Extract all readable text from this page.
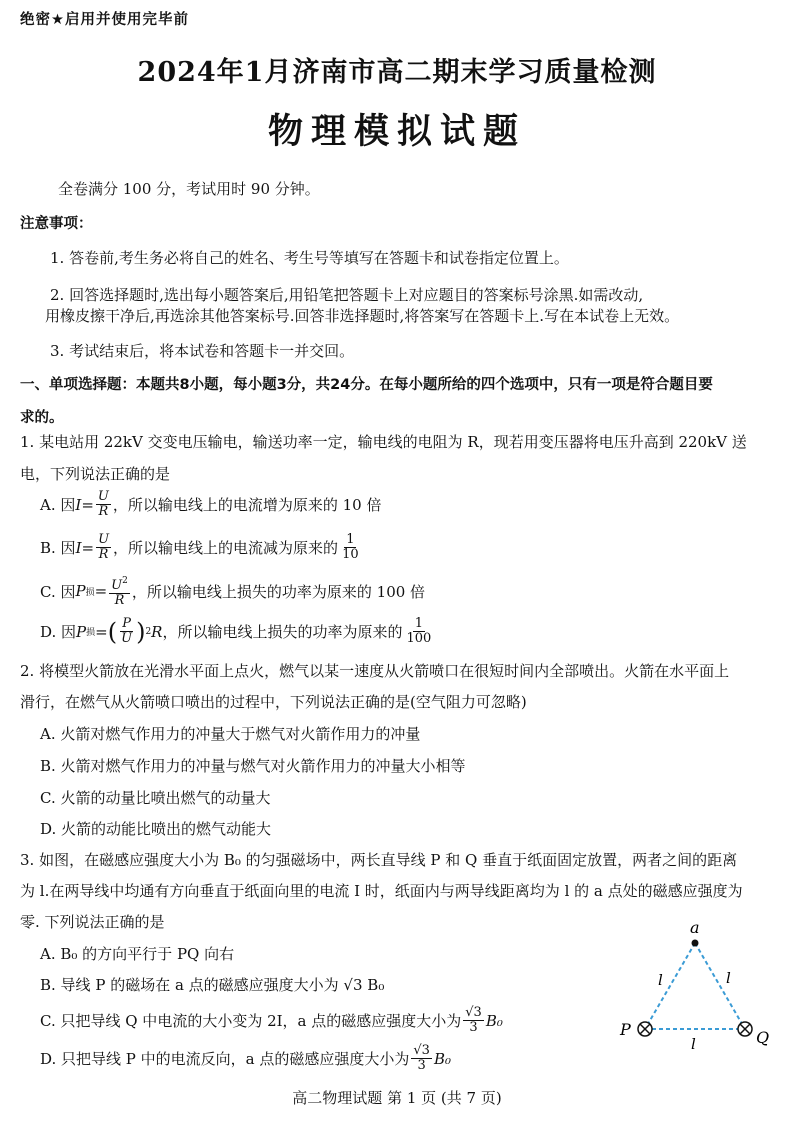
绝密★启用并使用完毕前
2024年1月济南市高二期末学习质量检测
物理模拟试题
全卷满分 100 分，考试用时 90 分钟。
注意事项：
1. 答卷前,考生务必将自己的姓名、考生号等填写在答题卡和试卷指定位置上。
2. 回答选择题时,选出每小题答案后,用铅笔把答题卡上对应题目的答案标号涂黑.如需改动,
用橡皮擦干净后,再选涂其他答案标号.回答非选择题时,将答案写在答题卡上.写在本试卷上无效。
3. 考试结束后，将本试卷和答题卡一并交回。
一、单项选择题：本题共8小题，每小题3分，共24分。在每小题所给的四个选项中，只有一项是符合题目要
求的。
1. 某电站用 22kV 交变电压输电，输送功率一定，输电线的电阻为 R，现若用变压器将电压升高到 220kV 送
电，下列说法正确的是
A. 因 $I = \frac{U}{R}$ ，所以输电线上的电流增为原来的 10 倍
B. 因 $I = \frac{U}{R}$ ，所以输电线上的电流减为原来的 $\frac{1}{10}$
C. 因 P 损 = $\frac{U^2}{R}$ ，所以输电线上损失的功率为原来的 100 倍
D. 因 P 损 = ( $\frac{P}{U}$ ) 2 R ，所以输电线上损失的功率为原来的 $\frac{1}{100}$
2. 将模型火箭放在光滑水平面上点火，燃气以某一速度从火箭喷口在很短时间内全部喷出。火箭在水平面上
滑行，在燃气从火箭喷口喷出的过程中，下列说法正确的是(空气阻力可忽略)
A. 火箭对燃气作用力的冲量大于燃气对火箭作用力的冲量
B. 火箭对燃气作用力的冲量与燃气对火箭作用力的冲量大小相等
C. 火箭的动量比喷出燃气的动量大
D. 火箭的动能比喷出的燃气动能大
3. 如图，在磁感应强度大小为 B₀ 的匀强磁场中，两长直导线 P 和 Q 垂直于纸面固定放置，两者之间的距离
为 l.在两导线中均通有方向垂直于纸面向里的电流 I 时，纸面内与两导线距离均为 l 的 a 点处的磁感应强度为
零. 下列说法正确的是
A. B₀ 的方向平行于 PQ 向右
B. 导线 P 的磁场在 a 点的磁感应强度大小为 √3 B₀
C. 只把导线 Q 中电流的大小变为 2I，a 点的磁感应强度大小为 $\frac{√3}{3} B_0$
D. 只把导线 P 中的电流反向，a 点的磁感应强度大小为 $\frac{√3}{3} B_0$
a
l	l
l
P	Q
高二物理试题 第 1 页 (共 7 页)
